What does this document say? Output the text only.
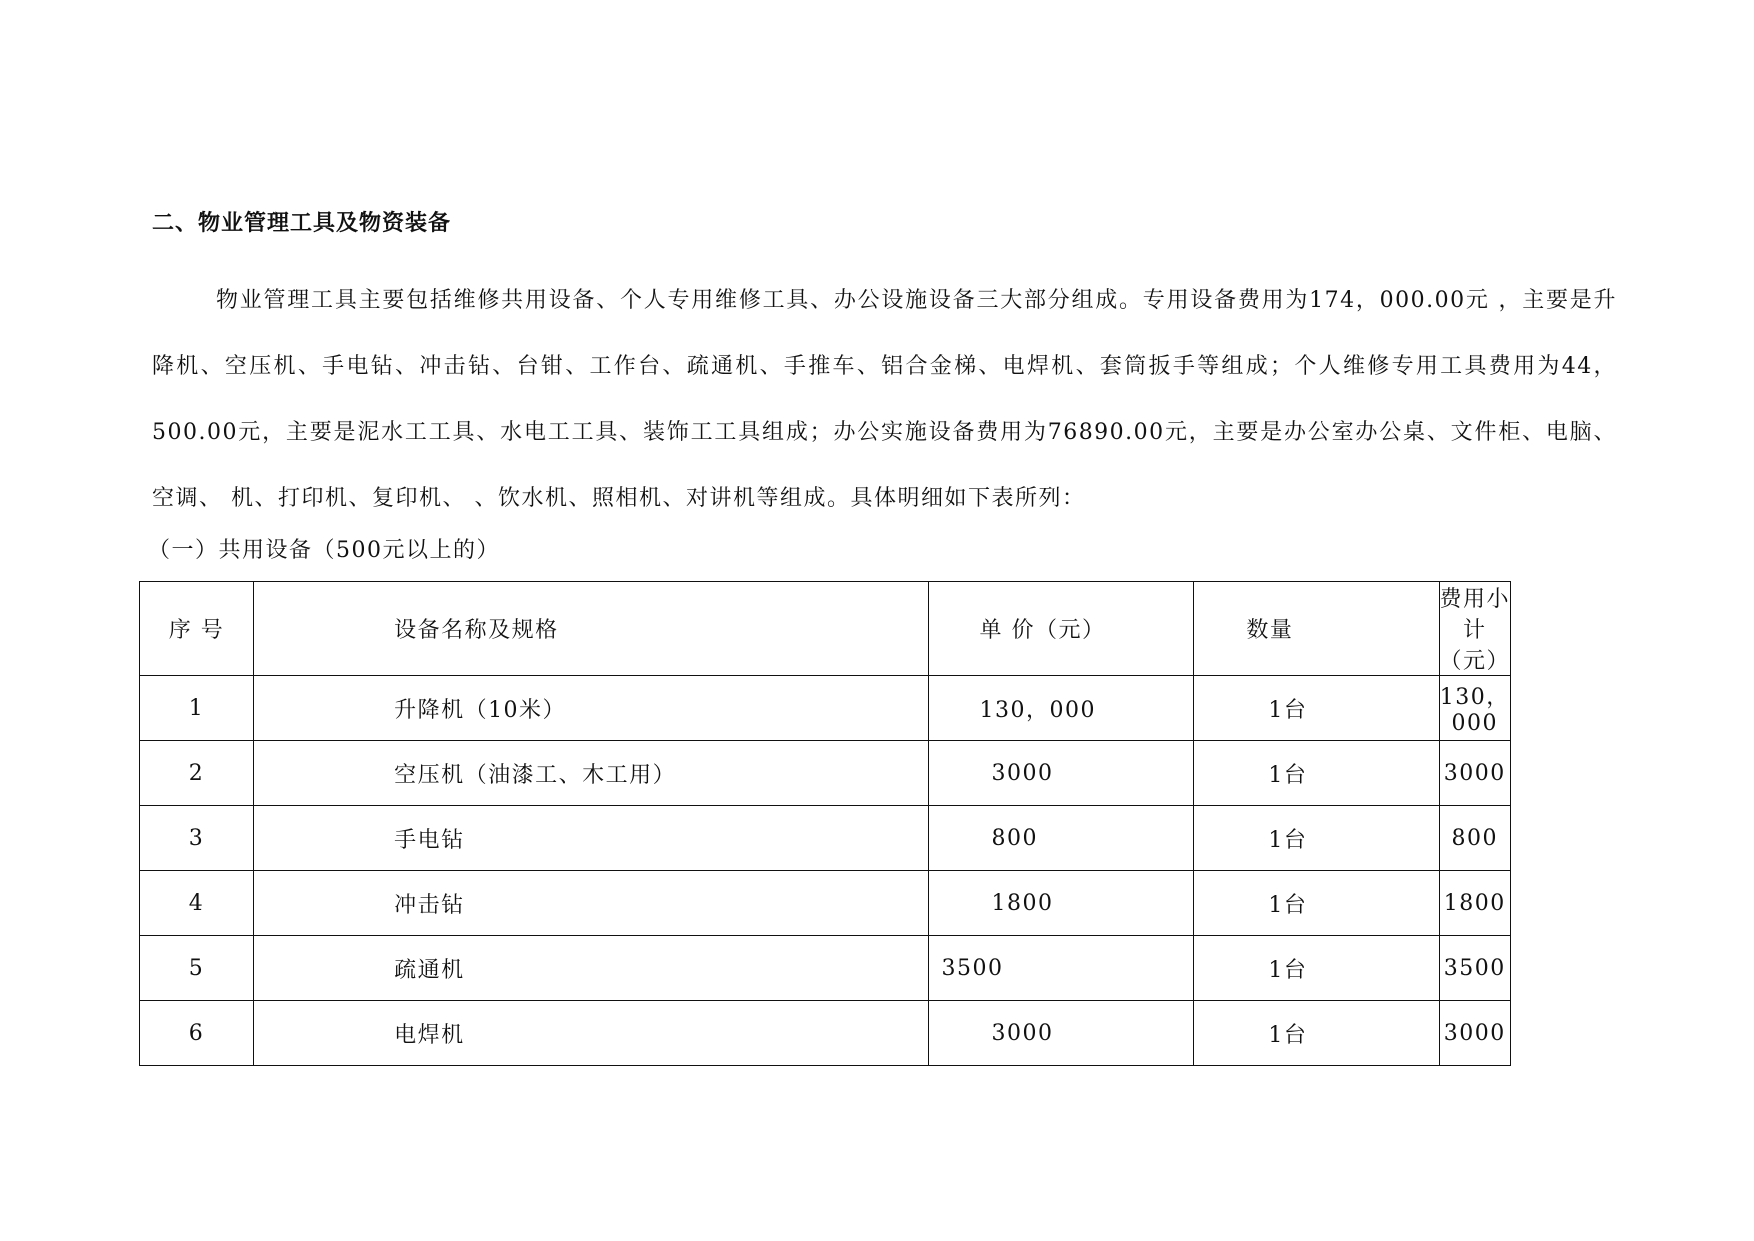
二、物业管理工具及物资装备
物业管理工具主要包括维修共用设备、个人专用维修工具、办公设施设备三大部分组成。专用设备费用为174，000.00元 ，主要是升降机、空压机、手电钻、冲击钻、台钳、工作台、疏通机、手推车、铝合金梯、电焊机、套筒扳手等组成；个人维修专用工具费用为44，500.00元，主要是泥水工工具、水电工工具、装饰工工具组成；办公实施设备费用为76890.00元，主要是办公室办公桌、文件柜、电脑、空调、 机、打印机、复印机、 、饮水机、照相机、对讲机等组成。具体明细如下表所列：
（一）共用设备（500元以上的）
序 号	设备名称及规格	单 价（元）	数量	费用小计（元）
1	升降机（10米）	130，000	1台	130，000
2	空压机（油漆工、木工用）	3000	1台	3000
3	手电钻	800	1台	800
4	冲击钻	1800	1台	1800
5	疏通机	3500	1台	3500
6	电焊机	3000	1台	3000
